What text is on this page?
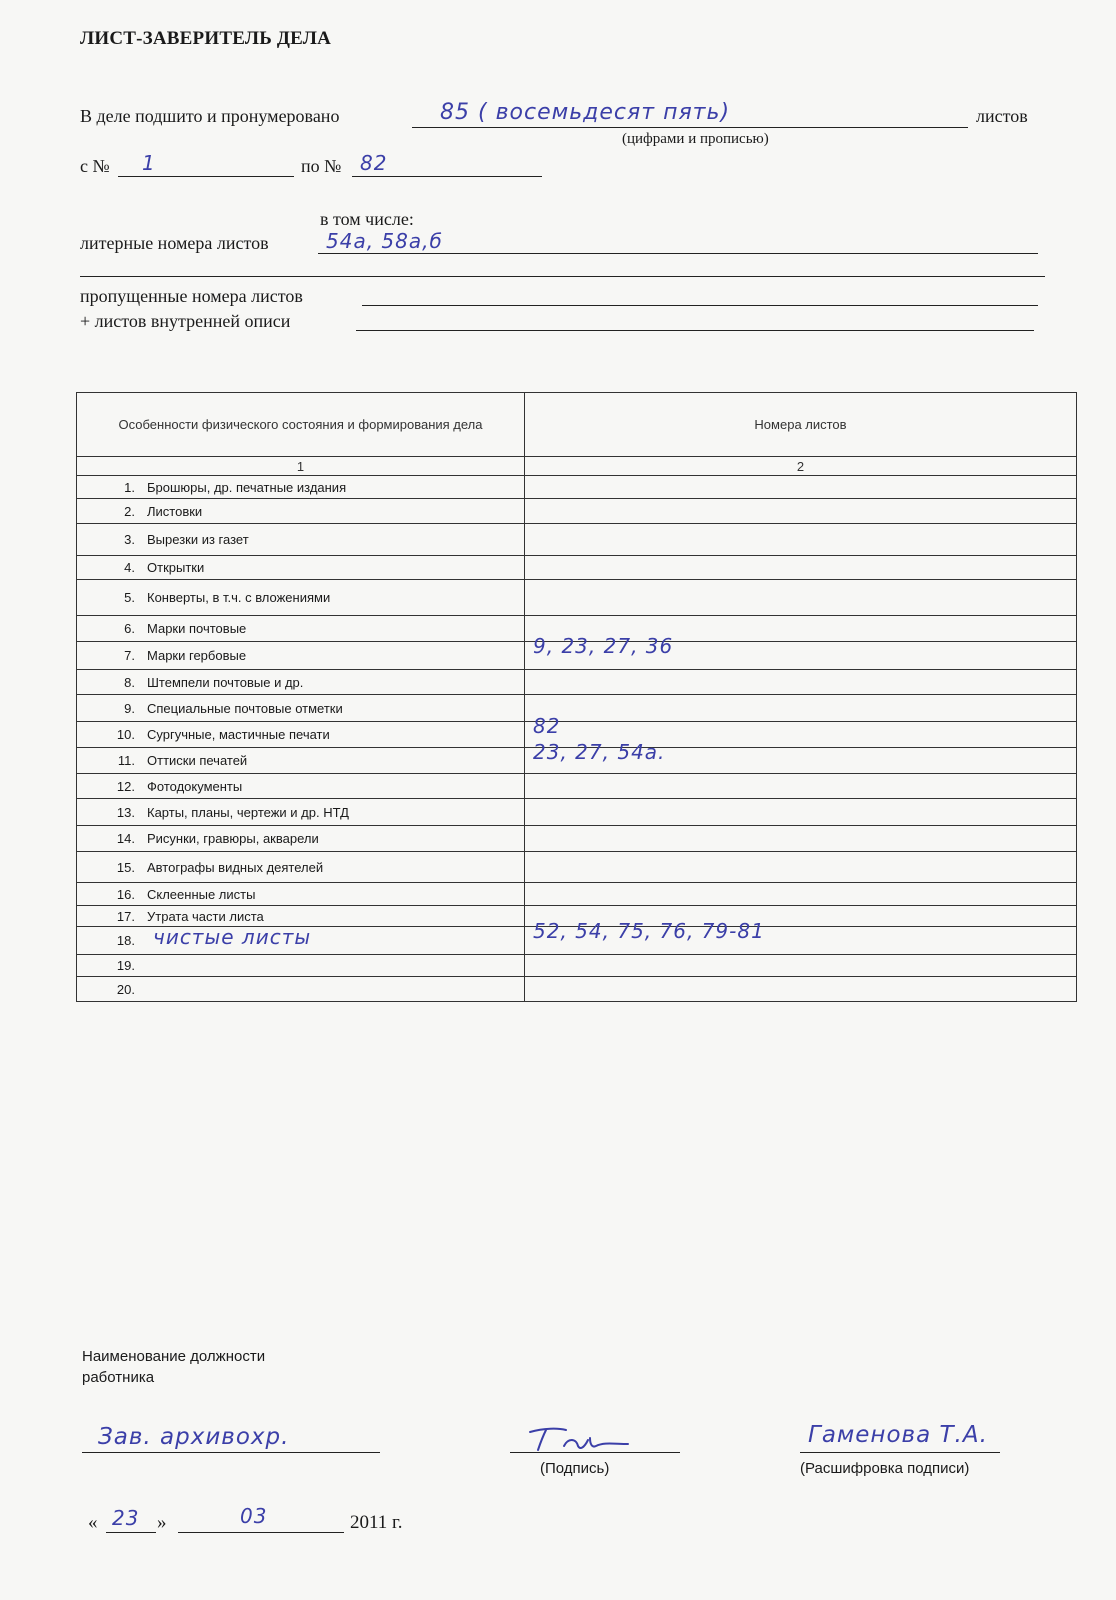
ЛИСТ-ЗАВЕРИТЕЛЬ ДЕЛА
В деле подшито и пронумеровано	85 ( восемьдесят пять)	листов
(цифрами и прописью)
с № 1	по № 82
в том числе:
литерные номера листов	54а, 58а,б
пропущенные номера листов
+ листов внутренней описи
Особенности физического состояния и формирования дела	Номера листов
1	2
1. Брошюры, др. печатные издания	

2. Листовки	

3. Вырезки из газет	

4. Открытки	

5. Конверты, в т.ч. с вложениями	

6. Марки почтовые	

7. Марки гербовые	9, 23, 27, 36

8. Штемпели почтовые и др.	

9. Специальные почтовые отметки	

10. Сургучные, мастичные печати	82

11. Оттиски печатей	23, 27, 54а.

12. Фотодокументы	

13. Карты, планы, чертежи и др. НТД	

14. Рисунки, гравюры, акварели	

15. Автографы видных деятелей	

16. Склеенные листы	

17. Утрата части листа	

18. чистые листы	52, 54, 75, 76, 79-81

19.	

20.	
Наименование должности
работника
Зав. архивохр.
(Подпись)
Гаменова Т.А.
(Расшифровка подписи)
« 23 »	03	2011 г.
